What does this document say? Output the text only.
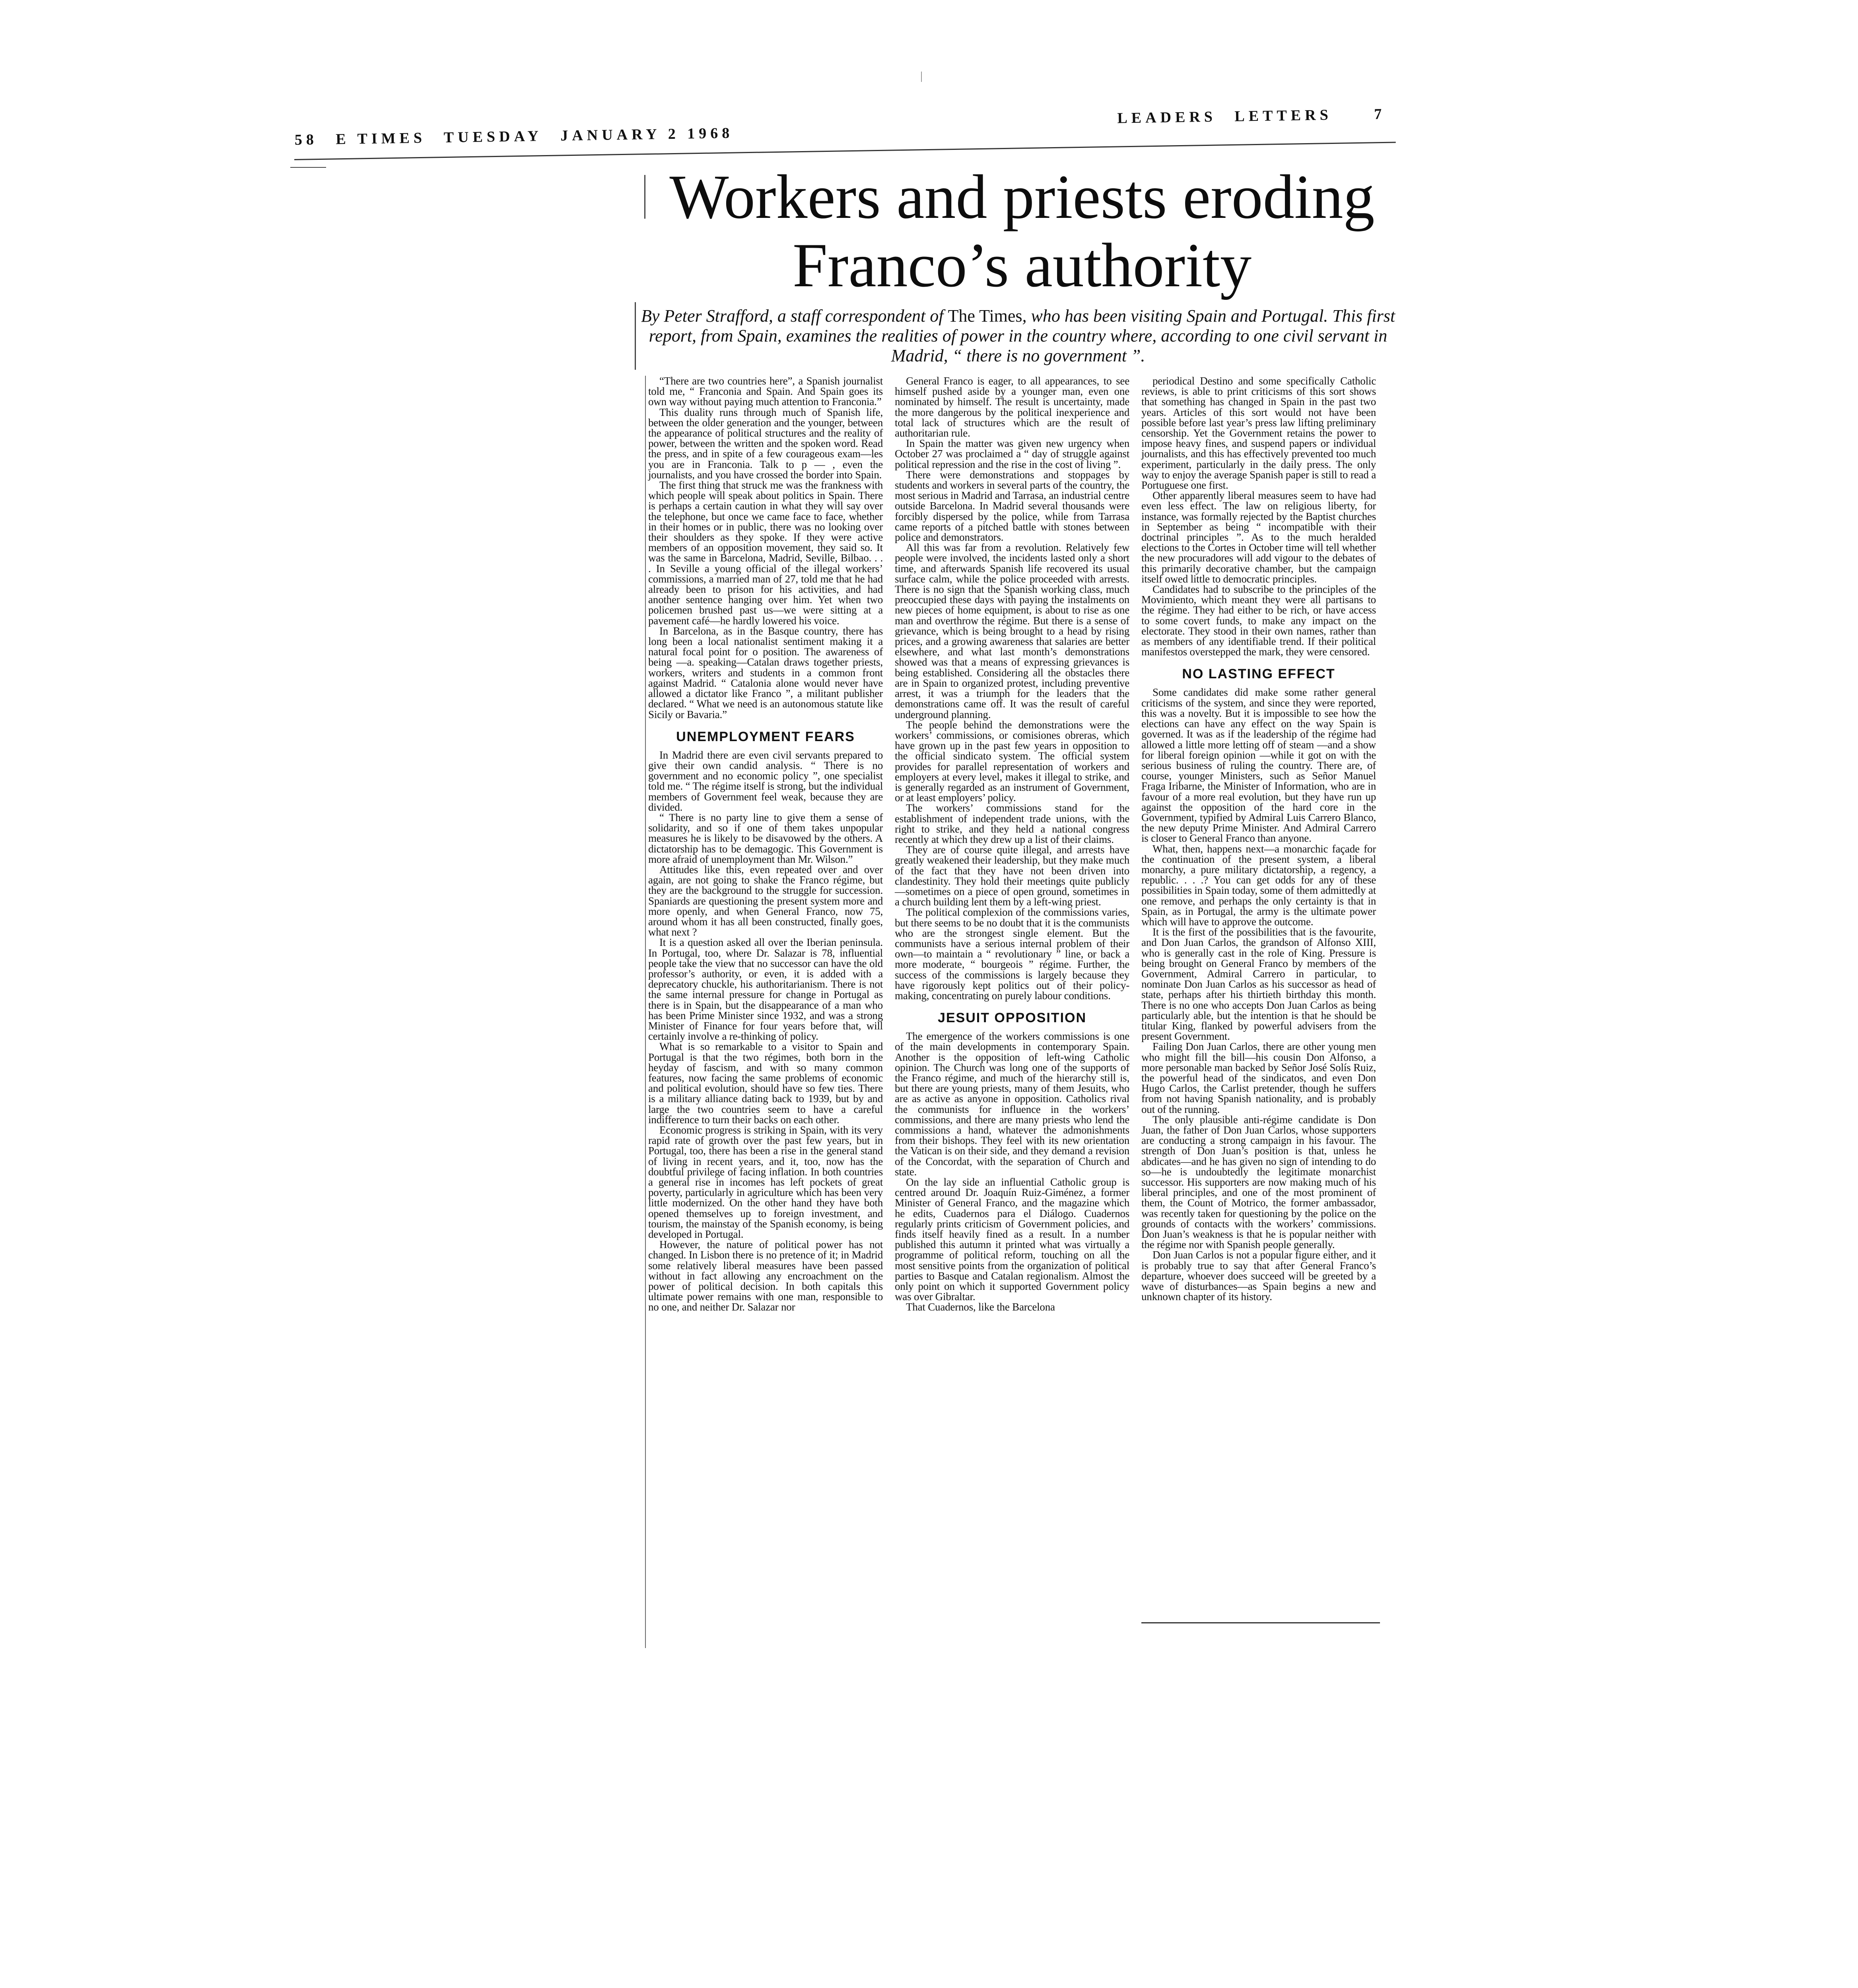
58 E TIMES TUESDAY JANUARY 2 1968
LEADERS LETTERS	7
Workers and priests eroding
Franco’s authority
By Peter Strafford, a staff correspondent of The Times, who has been visiting Spain and Portugal. This first report, from Spain, examines the realities of power in the country where, according to one civil servant in Madrid, “ there is no government ”.

“There are two countries here”, a Spanish journalist told me, “ Franconia and Spain. And Spain goes its own way without paying much attention to Franconia.”

This duality runs through much of Spanish life, between the older generation and the younger, between the appearance of political structures and the reality of power, between the written and the spoken word. Read the press, and in spite of a few courageous exam—les you are in Franconia. Talk to p — , even the journalists, and you have crossed the border into Spain.

The first thing that struck me was the frankness with which people will speak about politics in Spain. There is perhaps a certain caution in what they will say over the telephone, but once we came face to face, whether in their homes or in public, there was no looking over their shoulders as they spoke. If they were active members of an opposition movement, they said so. It was the same in Barcelona, Madrid, Seville, Bilbao. . . . In Seville a young official of the illegal workers’ commissions, a married man of 27, told me that he had already been to prison for his activities, and had another sentence hanging over him. Yet when two policemen brushed past us—we were sitting at a pavement café—he hardly lowered his voice.

In Barcelona, as in the Basque country, there has long been a local nationalist sentiment making it a natural focal point for o position. The awareness of being —a. speaking—Catalan draws together priests, workers, writers and students in a common front against Madrid. “ Catalonia alone would never have allowed a dictator like Franco ”, a militant publisher declared. “ What we need is an autonomous statute like Sicily or Bavaria.”

UNEMPLOYMENT FEARS

In Madrid there are even civil servants prepared to give their own candid analysis. “ There is no government and no economic policy ”, one specialist told me. “ The régime itself is strong, but the individual members of Government feel weak, because they are divided.

“ There is no party line to give them a sense of solidarity, and so if one of them takes unpopular measures he is likely to be disavowed by the others. A dictatorship has to be demagogic. This Government is more afraid of unemployment than Mr. Wilson.”

Attitudes like this, even repeated over and over again, are not going to shake the Franco régime, but they are the background to the struggle for succession. Spaniards are questioning the present system more and more openly, and when General Franco, now 75, around whom it has all been constructed, finally goes, what next ?

It is a question asked all over the Iberian peninsula. In Portugal, too, where Dr. Salazar is 78, influential people take the view that no successor can have the old professor’s authority, or even, it is added with a deprecatory chuckle, his authoritarianism. There is not the same internal pressure for change in Portugal as there is in Spain, but the disappearance of a man who has been Prime Minister since 1932, and was a strong Minister of Finance for four years before that, will certainly involve a re-thinking of policy.

What is so remarkable to a visitor to Spain and Portugal is that the two régimes, both born in the heyday of fascism, and with so many common features, now facing the same problems of economic and political evolution, should have so few ties. There is a military alliance dating back to 1939, but by and large the two countries seem to have a careful indifference to turn their backs on each other.

Economic progress is striking in Spain, with its very rapid rate of growth over the past few years, but in Portugal, too, there has been a rise in the general stand of living in recent years, and it, too, now has the doubtful privilege of facing inflation. In both countries a general rise in incomes has left pockets of great poverty, particularly in agriculture which has been very little modernized. On the other hand they have both opened themselves up to foreign investment, and tourism, the mainstay of the Spanish economy, is being developed in Portugal.

However, the nature of political power has not changed. In Lisbon there is no pretence of it; in Madrid some relatively liberal measures have been passed without in fact allowing any encroachment on the power of political decision. In both capitals this ultimate power remains with one man, responsible to no one, and neither Dr. Salazar nor

General Franco is eager, to all appearances, to see himself pushed aside by a younger man, even one nominated by himself. The result is uncertainty, made the more dangerous by the political inexperience and total lack of structures which are the result of authoritarian rule.

In Spain the matter was given new urgency when October 27 was proclaimed a “ day of struggle against political repression and the rise in the cost of living ”.

There were demonstrations and stoppages by students and workers in several parts of the country, the most serious in Madrid and Tarrasa, an industrial centre outside Barcelona. In Madrid several thousands were forcibly dispersed by the police, while from Tarrasa came reports of a pitched battle with stones between police and demonstrators.

All this was far from a revolution. Relatively few people were involved, the incidents lasted only a short time, and afterwards Spanish life recovered its usual surface calm, while the police proceeded with arrests. There is no sign that the Spanish working class, much preoccupied these days with paying the instalments on new pieces of home equipment, is about to rise as one man and overthrow the régime. But there is a sense of grievance, which is being brought to a head by rising prices, and a growing awareness that salaries are better elsewhere, and what last month’s demonstrations showed was that a means of expressing grievances is being established. Considering all the obstacles there are in Spain to organized protest, including preventive arrest, it was a triumph for the leaders that the demonstrations came off. It was the result of careful underground planning.

The people behind the demonstrations were the workers’ commissions, or comisiones obreras, which have grown up in the past few years in opposition to the official sindicato system. The official system provides for parallel representation of workers and employers at every level, makes it illegal to strike, and is generally regarded as an instrument of Government, or at least employers’ policy.

The workers’ commissions stand for the establishment of independent trade unions, with the right to strike, and they held a national congress recently at which they drew up a list of their claims.

They are of course quite illegal, and arrests have greatly weakened their leadership, but they make much of the fact that they have not been driven into clandestinity. They hold their meetings quite publicly—sometimes on a piece of open ground, sometimes in a church building lent them by a left-wing priest.

The political complexion of the commissions varies, but there seems to be no doubt that it is the communists who are the strongest single element. But the communists have a serious internal problem of their own—to maintain a “ revolutionary ” line, or back a more moderate, “ bourgeois ” régime. Further, the success of the commissions is largely because they have rigorously kept politics out of their policy-making, concentrating on purely labour conditions.

JESUIT OPPOSITION

The emergence of the workers commissions is one of the main developments in contemporary Spain. Another is the opposition of left-wing Catholic opinion. The Church was long one of the supports of the Franco régime, and much of the hierarchy still is, but there are young priests, many of them Jesuits, who are as active as anyone in opposition. Catholics rival the communists for influence in the workers’ commissions, and there are many priests who lend the commissions a hand, whatever the admonishments from their bishops. They feel with its new orientation the Vatican is on their side, and they demand a revision of the Concordat, with the separation of Church and state.

On the lay side an influential Catholic group is centred around Dr. Joaquín Ruiz-Giménez, a former Minister of General Franco, and the magazine which he edits, Cuadernos para el Diálogo. Cuadernos regularly prints criticism of Government policies, and finds itself heavily fined as a result. In a number published this autumn it printed what was virtually a programme of political reform, touching on all the most sensitive points from the organization of political parties to Basque and Catalan regionalism. Almost the only point on which it supported Government policy was over Gibraltar.

That Cuadernos, like the Barcelona

periodical Destino and some specifically Catholic reviews, is able to print criticisms of this sort shows that something has changed in Spain in the past two years. Articles of this sort would not have been possible before last year’s press law lifting preliminary censorship. Yet the Government retains the power to impose heavy fines, and suspend papers or individual journalists, and this has effectively prevented too much experiment, particularly in the daily press. The only way to enjoy the average Spanish paper is still to read a Portuguese one first.

Other apparently liberal measures seem to have had even less effect. The law on religious liberty, for instance, was formally rejected by the Baptist churches in September as being “ incompatible with their doctrinal principles ”. As to the much heralded elections to the Cortes in October time will tell whether the new procuradores will add vigour to the debates of this primarily decorative chamber, but the campaign itself owed little to democratic principles.

Candidates had to subscribe to the principles of the Movimiento, which meant they were all partisans to the régime. They had either to be rich, or have access to some covert funds, to make any impact on the electorate. They stood in their own names, rather than as members of any identifiable trend. If their political manifestos overstepped the mark, they were censored.

NO LASTING EFFECT

Some candidates did make some rather general criticisms of the system, and since they were reported, this was a novelty. But it is impossible to see how the elections can have any effect on the way Spain is governed. It was as if the leadership of the régime had allowed a little more letting off of steam —and a show for liberal foreign opinion —while it got on with the serious business of ruling the country. There are, of course, younger Ministers, such as Señor Manuel Fraga Iribarne, the Minister of Information, who are in favour of a more real evolution, but they have run up against the opposition of the hard core in the Government, typified by Admiral Luis Carrero Blanco, the new deputy Prime Minister. And Admiral Carrero is closer to General Franco than anyone.

What, then, happens next—a monarchic façade for the continuation of the present system, a liberal monarchy, a pure military dictatorship, a regency, a republic. . . .? You can get odds for any of these possibilities in Spain today, some of them admittedly at one remove, and perhaps the only certainty is that in Spain, as in Portugal, the army is the ultimate power which will have to approve the outcome.

It is the first of the possibilities that is the favourite, and Don Juan Carlos, the grandson of Alfonso XIII, who is generally cast in the role of King. Pressure is being brought on General Franco by members of the Government, Admiral Carrero in particular, to nominate Don Juan Carlos as his successor as head of state, perhaps after his thirtieth birthday this month. There is no one who accepts Don Juan Carlos as being particularly able, but the intention is that he should be titular King, flanked by powerful advisers from the present Government.

Failing Don Juan Carlos, there are other young men who might fill the bill—his cousin Don Alfonso, a more personable man backed by Señor José Solís Ruiz, the powerful head of the sindicatos, and even Don Hugo Carlos, the Carlist pretender, though he suffers from not having Spanish nationality, and is probably out of the running.

The only plausible anti-régime candidate is Don Juan, the father of Don Juan Carlos, whose supporters are conducting a strong campaign in his favour. The strength of Don Juan’s position is that, unless he abdicates—and he has given no sign of intending to do so—he is undoubtedly the legitimate monarchist successor. His supporters are now making much of his liberal principles, and one of the most prominent of them, the Count of Motrico, the former ambassador, was recently taken for questioning by the police on the grounds of contacts with the workers’ commissions. Don Juan’s weakness is that he is popular neither with the régime nor with Spanish people generally.

Don Juan Carlos is not a popular figure either, and it is probably true to say that after General Franco’s departure, whoever does succeed will be greeted by a wave of disturbances—as Spain begins a new and unknown chapter of its history.
